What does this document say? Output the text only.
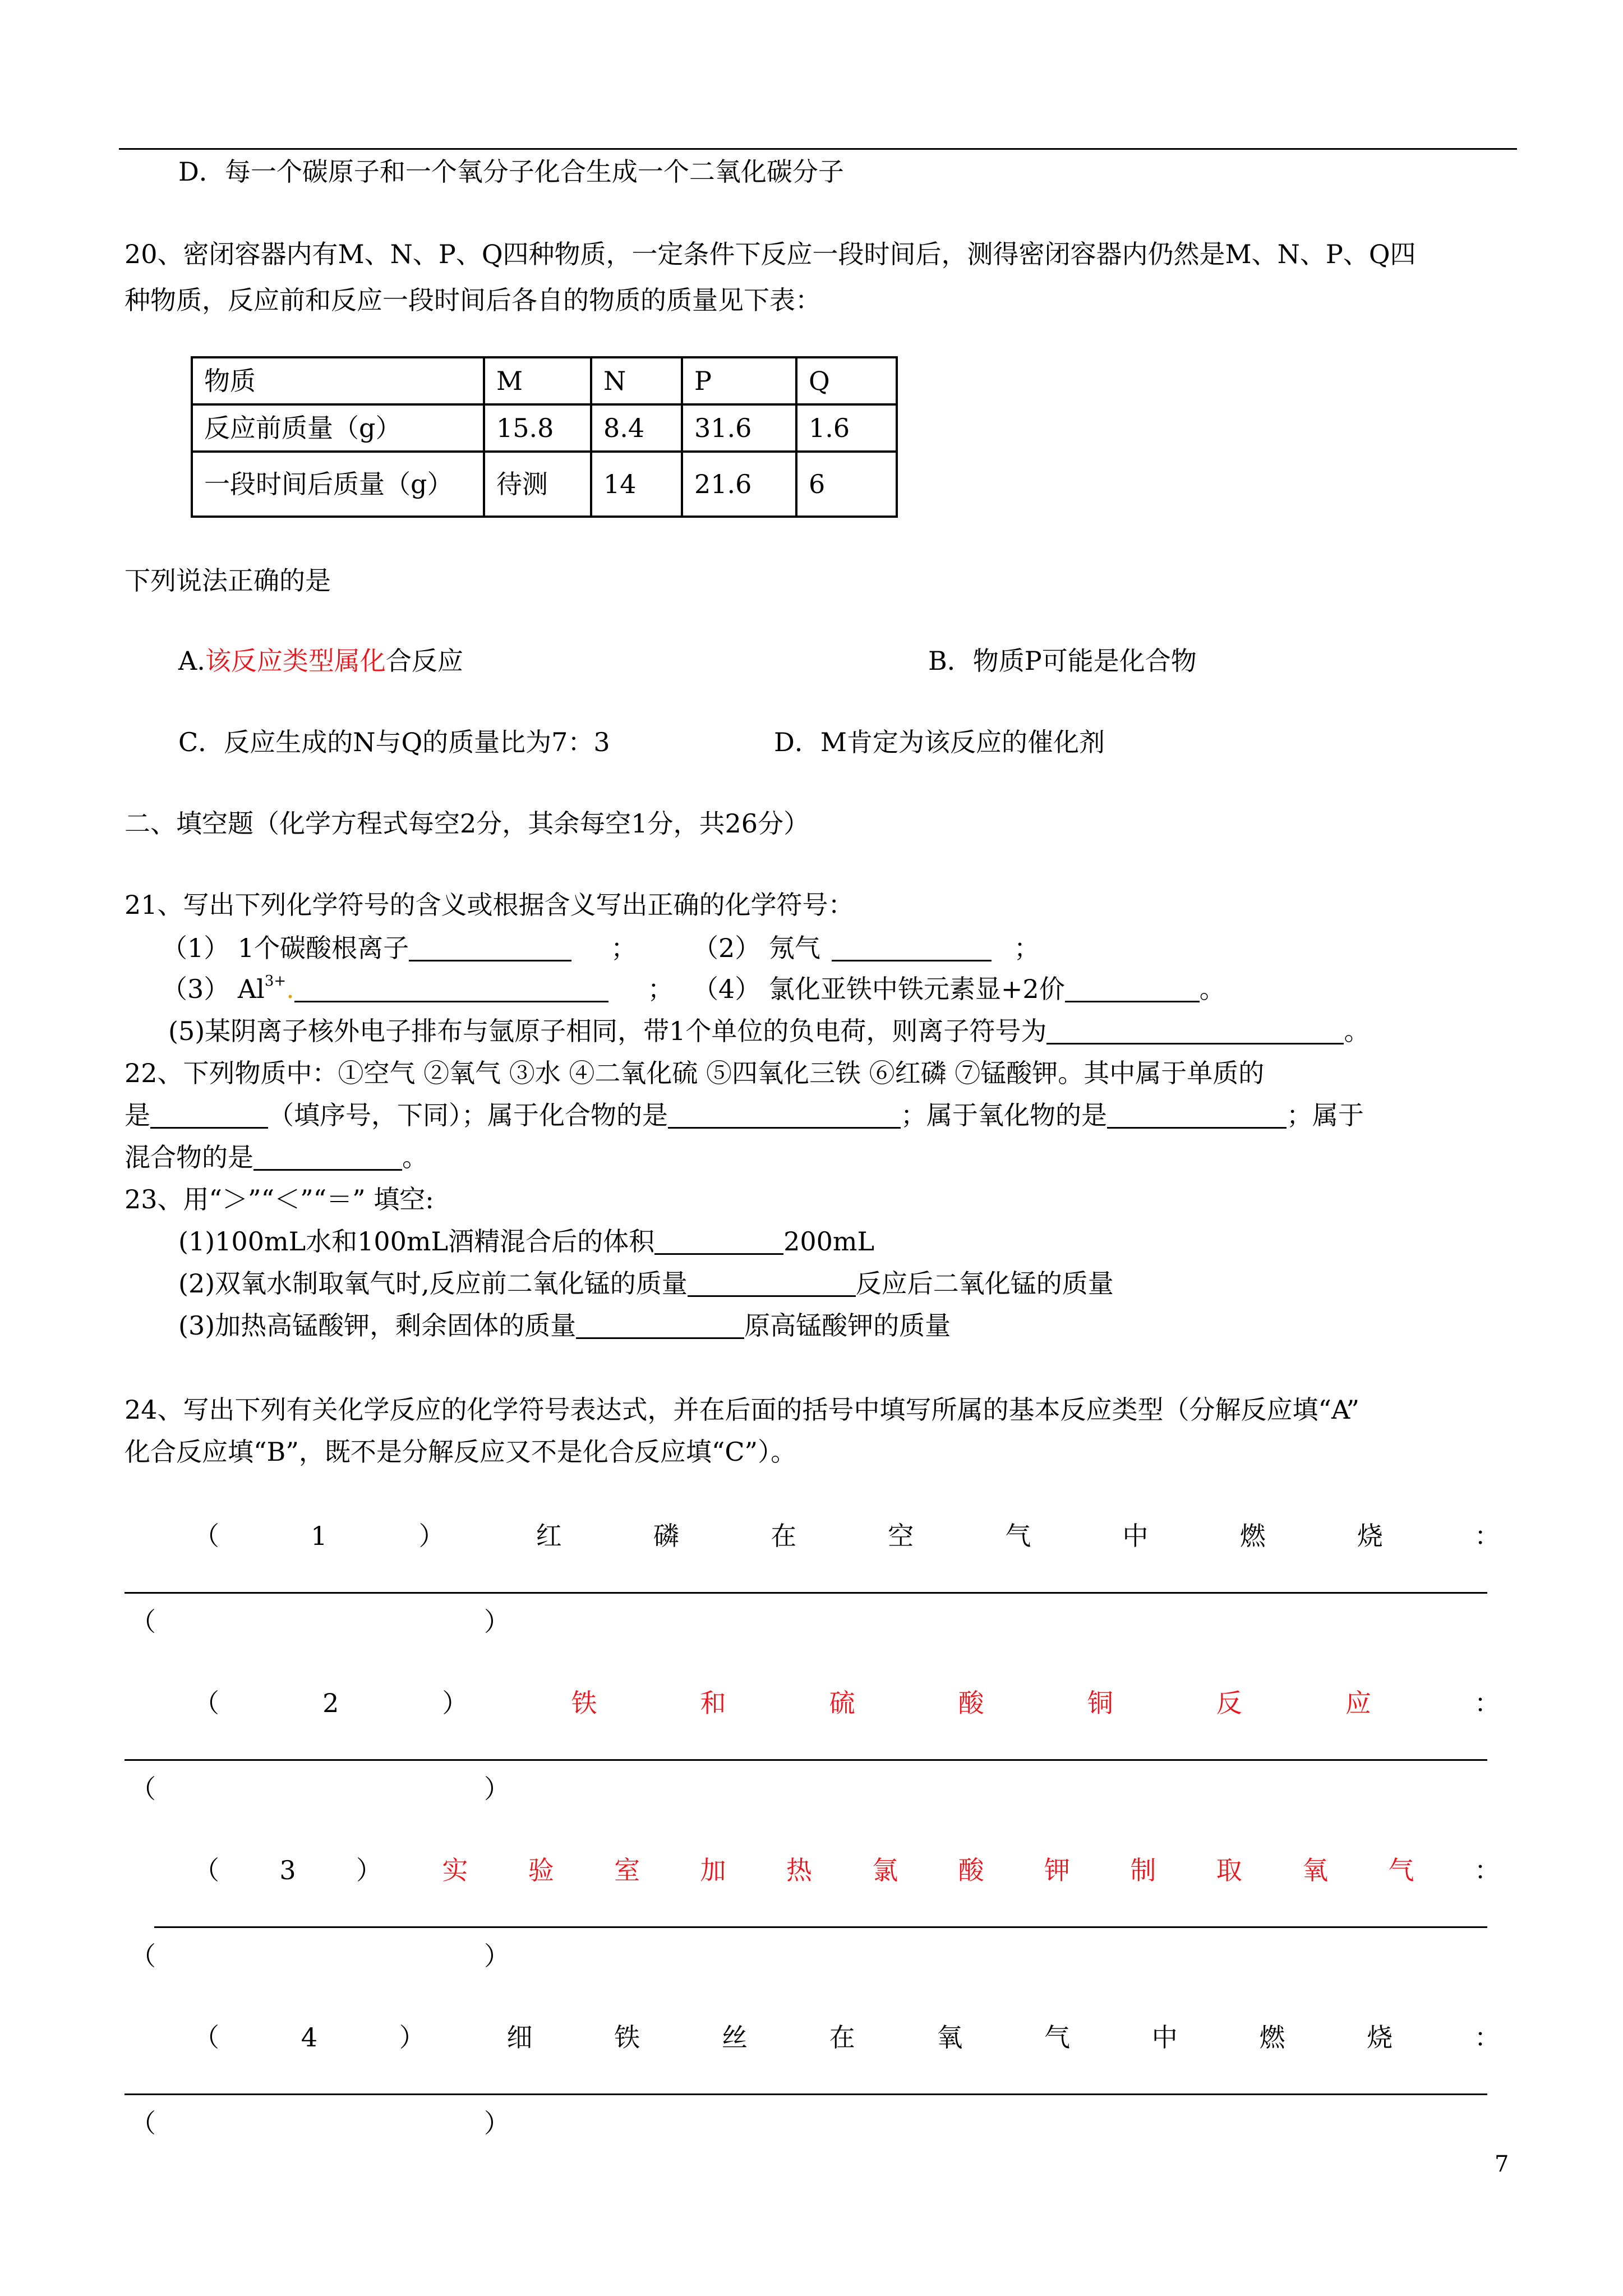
D．每一个碳原子和一个氧分子化合生成一个二氧化碳分子
20、密闭容器内有M、N、P、Q四种物质，一定条件下反应一段时间后，测得密闭容器内仍然是M、N、P、Q四
种物质，反应前和反应一段时间后各自的物质的质量见下表：
物质	M	N	P	Q
反应前质量（g）	15.8	8.4	31.6	1.6
一段时间后质量（g）	待测	14	21.6	6
下列说法正确的是
A.该反应类型属化合反应	B．物质P可能是化合物
C．反应生成的N与Q的质量比为7：3	D．M肯定为该反应的催化剂
二、填空题（化学方程式每空2分，其余每空1分，共26分）
21、写出下列化学符号的含义或根据含义写出正确的化学符号：
（1） 1个碳酸根离子	； （2） 氖气	；
（3） $Al^{3+}$.	； （4） 氯化亚铁中铁元素显+2价	。
(5)某阴离子核外电子排布与氩原子相同，带1个单位的负电荷，则离子符号为	。
22、下列物质中：①空气 ②氧气 ③水 ④二氧化硫 ⑤四氧化三铁 ⑥红磷 ⑦锰酸钾。其中属于单质的
是	（填序号，下同）；属于化合物的是	；属于氧化物的是	；属于
混合物的是	。
23、用“＞”“＜”“＝” 填空:
(1)100mL水和100mL酒精混合后的体积	200mL
(2)双氧水制取氧气时,反应前二氧化锰的质量	反应后二氧化锰的质量
(3)加热高锰酸钾，剩余固体的质量	原高锰酸钾的质量
24、写出下列有关化学反应的化学符号表达式，并在后面的括号中填写所属的基本反应类型（分解反应填“A”
化合反应填“B”，既不是分解反应又不是化合反应填“C”）。
（	1	）	红	磷	在	空	气	中	燃	烧	：
（	）
（	2	）	铁	和	硫	酸	铜	反	应	：
（	）
（ 3 ） 实 验 室 加 热 氯 酸 钾 制 取 氧 气 ：
（	）
（	4	）	细	铁	丝	在	氧	气	中	燃	烧	：
（	）
7
